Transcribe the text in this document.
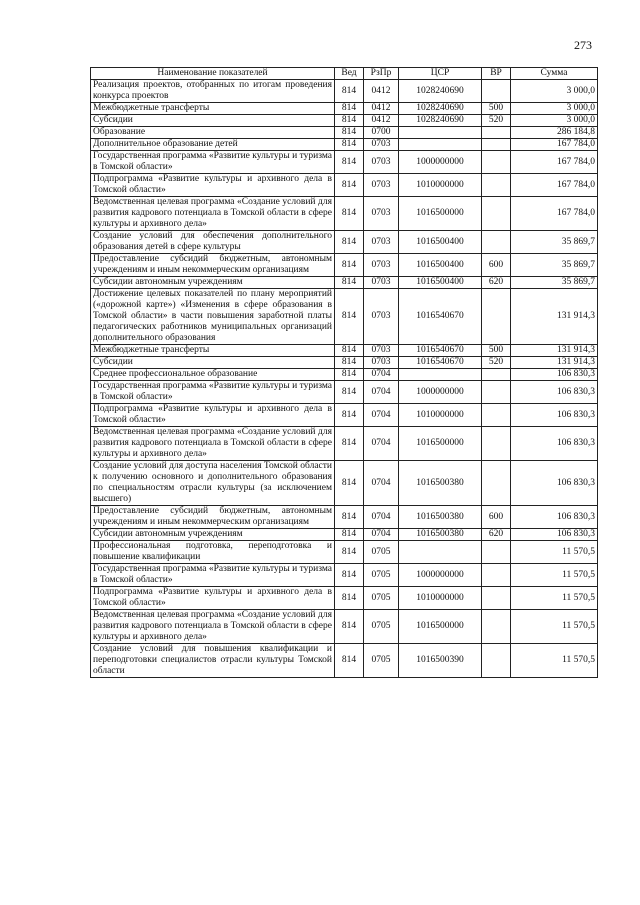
273
Наименование показателей	Вед	РзПр	ЦСР	ВР	Сумма
Реализация проектов, отобранных по итогам проведения конкурса проектов	814	0412	1028240690		3 000,0
Межбюджетные трансферты	814	0412	1028240690	500	3 000,0
Субсидии	814	0412	1028240690	520	3 000,0
Образование	814	0700			286 184,8
Дополнительное образование детей	814	0703			167 784,0
Государственная программа «Развитие культуры и туризма в Томской области»	814	0703	1000000000		167 784,0
Подпрограмма «Развитие культуры и архивного дела в Томской области»	814	0703	1010000000		167 784,0
Ведомственная целевая программа «Создание условий для развития кадрового потенциала в Томской области в сфере культуры и архивного дела»	814	0703	1016500000		167 784,0
Создание условий для обеспечения дополнительного образования детей в сфере культуры	814	0703	1016500400		35 869,7
Предоставление субсидий бюджетным, автономным учреждениям и иным некоммерческим организациям	814	0703	1016500400	600	35 869,7
Субсидии автономным учреждениям	814	0703	1016500400	620	35 869,7
Достижение целевых показателей по плану мероприятий («дорожной карте») «Изменения в сфере образования в Томской области» в части повышения заработной платы педагогических работников муниципальных организаций дополнительного образования	814	0703	1016540670		131 914,3
Межбюджетные трансферты	814	0703	1016540670	500	131 914,3
Субсидии	814	0703	1016540670	520	131 914,3
Среднее профессиональное образование	814	0704			106 830,3
Государственная программа «Развитие культуры и туризма в Томской области»	814	0704	1000000000		106 830,3
Подпрограмма «Развитие культуры и архивного дела в Томской области»	814	0704	1010000000		106 830,3
Ведомственная целевая программа «Создание условий для развития кадрового потенциала в Томской области в сфере культуры и архивного дела»	814	0704	1016500000		106 830,3
Создание условий для доступа населения Томской области к получению основного и дополнительного образования по специальностям отрасли культуры (за исключением высшего)	814	0704	1016500380		106 830,3
Предоставление субсидий бюджетным, автономным учреждениям и иным некоммерческим организациям	814	0704	1016500380	600	106 830,3
Субсидии автономным учреждениям	814	0704	1016500380	620	106 830,3
Профессиональная подготовка, переподготовка и повышение квалификации	814	0705			11 570,5
Государственная программа «Развитие культуры и туризма в Томской области»	814	0705	1000000000		11 570,5
Подпрограмма «Развитие культуры и архивного дела в Томской области»	814	0705	1010000000		11 570,5
Ведомственная целевая программа «Создание условий для развития кадрового потенциала в Томской области в сфере культуры и архивного дела»	814	0705	1016500000		11 570,5
Создание условий для повышения квалификации и переподготовки специалистов отрасли культуры Томской области	814	0705	1016500390		11 570,5
